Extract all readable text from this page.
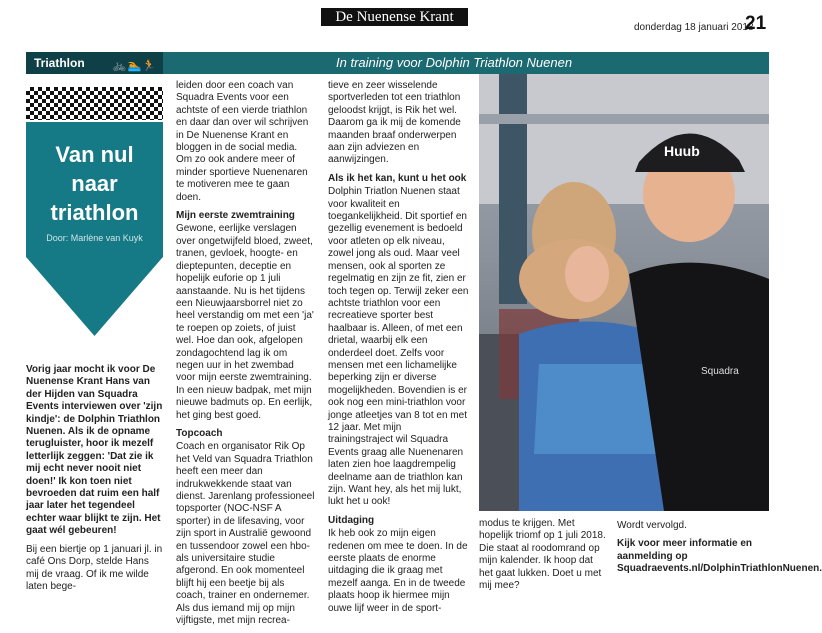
De Nuenense Krant
donderdag 18 januari 2018
21
Triathlon	🚲🏊🏃	In training voor Dolphin Triathlon Nuenen
Van nul
naar
triathlon
Door: Marlène van Kuyk

Vorig jaar mocht ik voor De Nuenense Krant Hans van der Hijden van Squadra Events interviewen over 'zijn kindje': de Dolphin Triathlon Nuenen. Als ik de opname terugluister, hoor ik mezelf letterlijk zeggen: 'Dat zie ik mij echt never nooit niet doen!' Ik kon toen niet bevroeden dat ruim een half jaar later het tegendeel echter waar blijkt te zijn. Het gaat wél gebeuren!

Bij een biertje op 1 januari jl. in café Ons Dorp, stelde Hans mij de vraag. Of ik me wilde laten bege-

leiden door een coach van Squadra Events voor een achtste of een vierde triathlon en daar dan over wil schrijven in De Nuenense Krant en bloggen in de social media. Om zo ook andere meer of minder sportieve Nuenenaren te motiveren mee te gaan doen.

Mijn eerste zwemtraining

Gewone, eerlijke verslagen over ongetwijfeld bloed, zweet, tranen, gevloek, hoogte- en dieptepunten, deceptie en hopelijk euforie op 1 juli aanstaande. Nu is het tijdens een Nieuwjaarsborrel niet zo heel verstandig om met een 'ja' te roepen op zoiets, of juist wel. Hoe dan ook, afgelopen zondagochtend lag ik om negen uur in het zwembad voor mijn eerste zwemtraining. In een nieuw badpak, met mijn nieuwe badmuts op. En eerlijk, het ging best goed.

Topcoach

Coach en organisator Rik Op het Veld van Squadra Triathlon heeft een meer dan indrukwekkende staat van dienst. Jarenlang professioneel topsporter (NOC-NSF A sporter) in de lifesaving, voor zijn sport in Australië gewoond en tussendoor zowel een hbo- als universitaire studie afgerond. En ook momenteel blijft hij een beetje bij als coach, trainer en ondernemer. Als dus iemand mij op mijn vijftigste, met mijn recrea-

tieve en zeer wisselende sportverleden tot een triathlon geloodst krijgt, is Rik het wel. Daarom ga ik mij de komende maanden braaf onderwerpen aan zijn adviezen en aanwijzingen.

Als ik het kan, kunt u het ook

Dolphin Triatlon Nuenen staat voor kwaliteit en toegankelijkheid. Dit sportief en gezellig evenement is bedoeld voor atleten op elk niveau, zowel jong als oud. Maar veel mensen, ook al sporten ze regelmatig en zijn ze fit, zien er toch tegen op. Terwijl zeker een achtste triathlon voor een recreatieve sporter best haalbaar is. Alleen, of met een drietal, waarbij elk een onderdeel doet. Zelfs voor mensen met een lichamelijke beperking zijn er diverse mogelijkheden. Bovendien is er ook nog een mini-triathlon voor jonge atleetjes van 8 tot en met 12 jaar. Met mijn trainingstraject wil Squadra Events graag alle Nuenenaren laten zien hoe laagdrempelig deelname aan de triathlon kan zijn. Want hey, als het mij lukt, lukt het u ook!

Uitdaging

Ik heb ook zo mijn eigen redenen om mee te doen. In de eerste plaats de enorme uitdaging die ik graag met mezelf aanga. En in de tweede plaats hoop ik hiermee mijn ouwe lijf weer in de sport-

Huub
Squadra

modus te krijgen. Met hopelijk triomf op 1 juli 2018. Die staat al roodomrand op mijn kalender. Ik hoop dat het gaat lukken. Doet u met mij mee?

Wordt vervolgd.

Kijk voor meer informatie en aanmelding op Squadraevents.nl/DolphinTriathlonNuenen.
